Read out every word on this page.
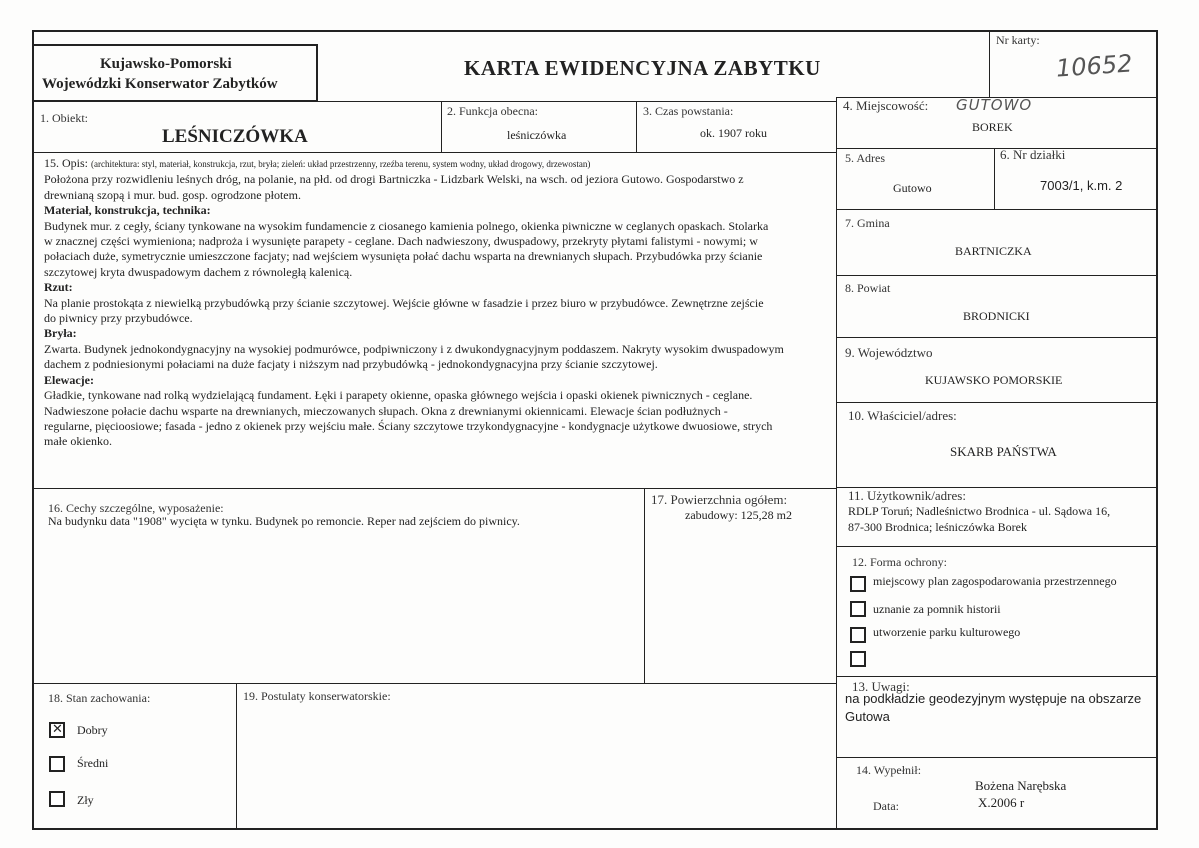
Kujawsko-Pomorski
Wojewódzki Konserwator Zabytków
KARTA EWIDENCYJNA ZABYTKU
Nr karty:
10652
1. Obiekt:
LEŚNICZÓWKA
2. Funkcja obecna:
leśniczówka
3. Czas powstania:
ok. 1907 roku
4. Miejscowość: GUTOWO
BOREK
5. Adres
Gutowo
6. Nr działki
7003/1, k.m. 2
7. Gmina
BARTNICZKA
8. Powiat
BRODNICKI
9. Województwo
KUJAWSKO POMORSKIE
10. Właściciel/adres:
SKARB PAŃSTWA

15. Opis: (architektura: styl, materiał, konstrukcja, rzut, bryła; zieleń: układ przestrzenny, rzeźba terenu, system wodny, układ drogowy, drzewostan)

Położona przy rozwidleniu leśnych dróg, na polanie, na płd. od drogi Bartniczka - Lidzbark Welski, na wsch. od jeziora Gutowo. Gospodarstwo z

drewnianą szopą i mur. bud. gosp. ogrodzone płotem.

Materiał, konstrukcja, technika:

Budynek mur. z cegły, ściany tynkowane na wysokim fundamencie z ciosanego kamienia polnego, okienka piwniczne w ceglanych opaskach. Stolarka

w znacznej części wymieniona; nadproża i wysunięte parapety - ceglane. Dach nadwieszony, dwuspadowy, przekryty płytami falistymi - nowymi; w

połaciach duże, symetrycznie umieszczone facjaty; nad wejściem wysunięta połać dachu wsparta na drewnianych słupach. Przybudówka przy ścianie

szczytowej kryta dwuspadowym dachem z równoległą kalenicą.

Rzut:

Na planie prostokąta z niewielką przybudówką przy ścianie szczytowej. Wejście główne w fasadzie i przez biuro w przybudówce. Zewnętrzne zejście

do piwnicy przy przybudówce.

Bryła:

Zwarta. Budynek jednokondygnacyjny na wysokiej podmurówce, podpiwniczony i z dwukondygnacyjnym poddaszem. Nakryty wysokim dwuspadowym

dachem z podniesionymi połaciami na duże facjaty i niższym nad przybudówką - jednokondygnacyjna przy ścianie szczytowej.

Elewacje:

Gładkie, tynkowane nad rolką wydzielającą fundament. Łęki i parapety okienne, opaska głównego wejścia i opaski okienek piwnicznych - ceglane.

Nadwieszone połacie dachu wsparte na drewnianych, mieczowanych słupach. Okna z drewnianymi okiennicami. Elewacje ścian podłużnych -

regularne, pięcioosiowe; fasada - jedno z okienek przy wejściu małe. Ściany szczytowe trzykondygnacyjne - kondygnacje użytkowe dwuosiowe, strych

małe okienko.

16. Cechy szczególne, wyposażenie:
Na budynku data "1908" wycięta w tynku. Budynek po remoncie. Reper nad zejściem do piwnicy.
17. Powierzchnia ogółem:
zabudowy: 125,28 m2
11. Użytkownik/adres:
RDLP Toruń; Nadleśnictwo Brodnica - ul. Sądowa 16,
87-300 Brodnica; leśniczówka Borek
12. Forma ochrony:
miejscowy plan zagospodarowania przestrzennego
uznanie za pomnik historii
utworzenie parku kulturowego
13. Uwagi:
na podkładzie geodezyjnym występuje na obszarze
Gutowa
14. Wypełnił:
Bożena Narębska
Data:	X.2006 r
18. Stan zachowania:
✕
Dobry
Średni
Zły
19. Postulaty konserwatorskie:
